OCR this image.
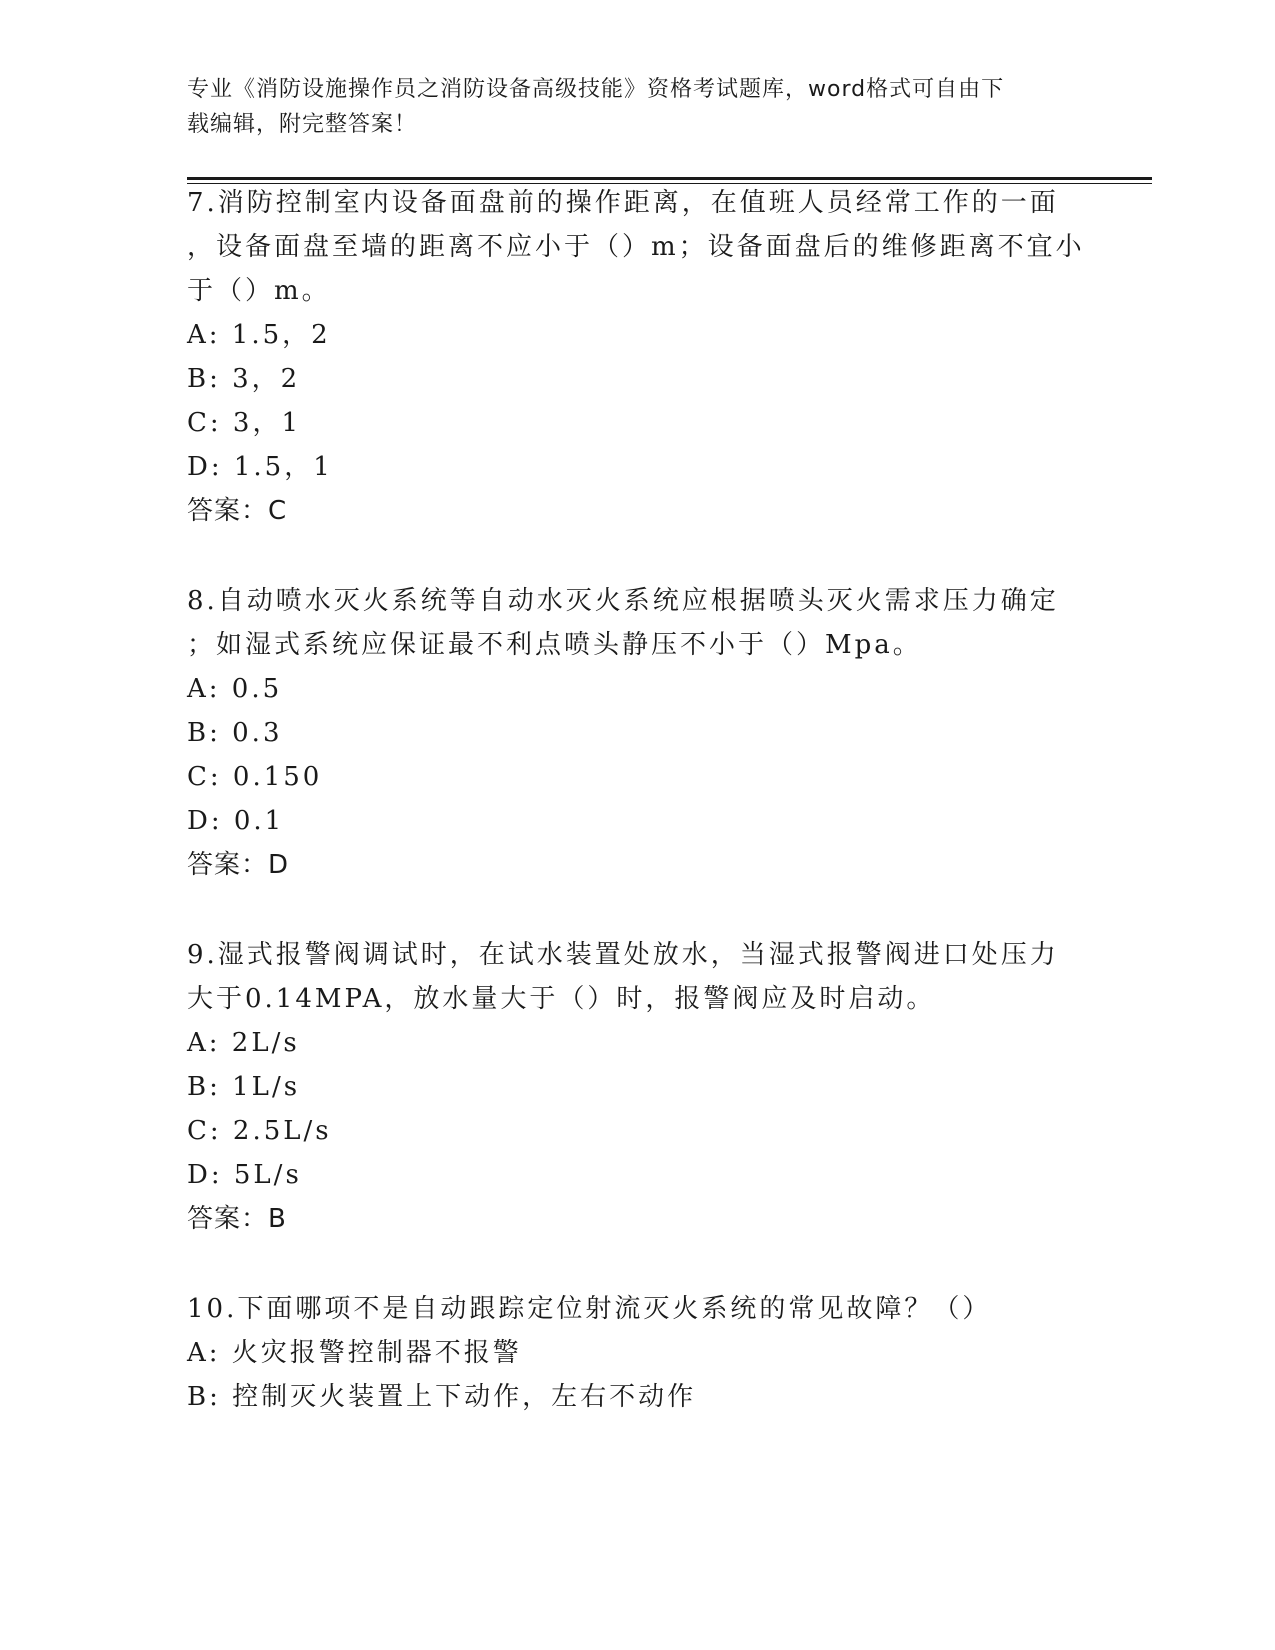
专业《消防设施操作员之消防设备高级技能》资格考试题库，word格式可自由下
载编辑，附完整答案！
7.消防控制室内设备面盘前的操作距离，在值班人员经常工作的一面
，设备面盘至墙的距离不应小于（）m；设备面盘后的维修距离不宜小
于（）m。
A: 1.5，2
B: 3，2
C: 3，1
D: 1.5，1
答案：C
8.自动喷水灭火系统等自动水灭火系统应根据喷头灭火需求压力确定
；如湿式系统应保证最不利点喷头静压不小于（）Mpa。
A: 0.5
B: 0.3
C: 0.150
D: 0.1
答案：D
9.湿式报警阀调试时，在试水装置处放水，当湿式报警阀进口处压力
大于0.14MPA，放水量大于（）时，报警阀应及时启动。
A: 2L/s
B: 1L/s
C: 2.5L/s
D: 5L/s
答案：B
10.下面哪项不是自动跟踪定位射流灭火系统的常见故障？（）
A: 火灾报警控制器不报警
B: 控制灭火装置上下动作，左右不动作
